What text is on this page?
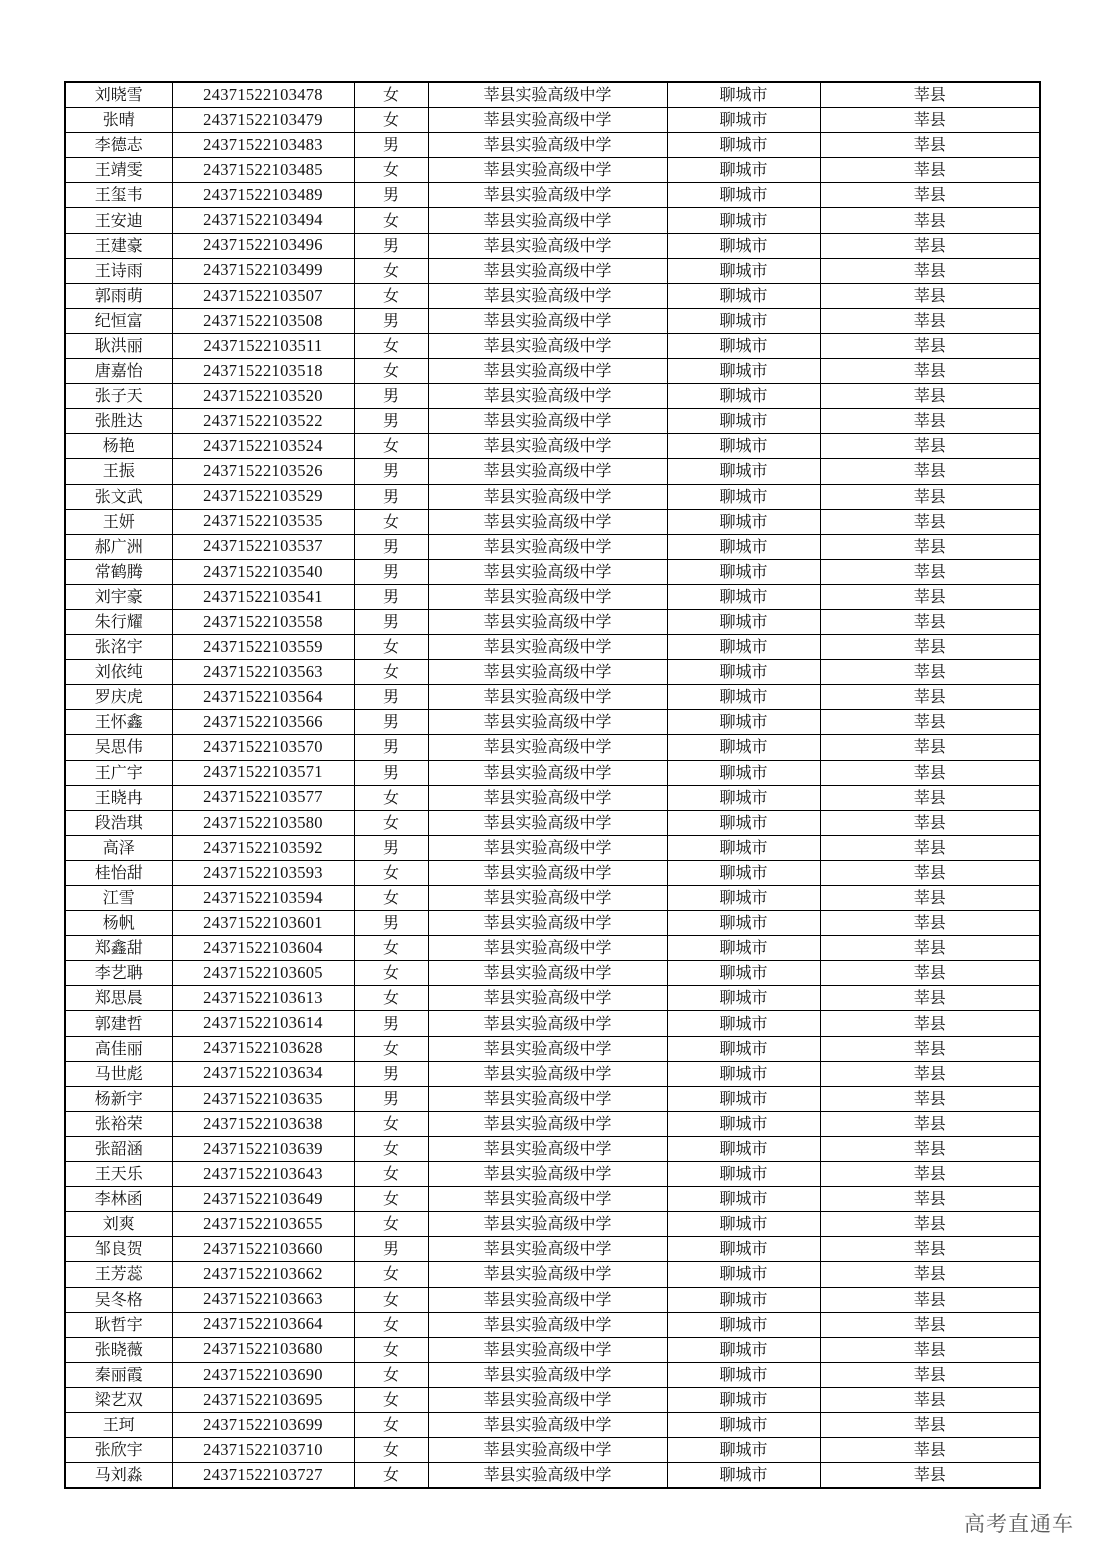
刘晓雪	24371522103478	女	莘县实验高级中学	聊城市	莘县
张晴	24371522103479	女	莘县实验高级中学	聊城市	莘县
李德志	24371522103483	男	莘县实验高级中学	聊城市	莘县
王靖雯	24371522103485	女	莘县实验高级中学	聊城市	莘县
王玺韦	24371522103489	男	莘县实验高级中学	聊城市	莘县
王安迪	24371522103494	女	莘县实验高级中学	聊城市	莘县
王建豪	24371522103496	男	莘县实验高级中学	聊城市	莘县
王诗雨	24371522103499	女	莘县实验高级中学	聊城市	莘县
郭雨萌	24371522103507	女	莘县实验高级中学	聊城市	莘县
纪恒富	24371522103508	男	莘县实验高级中学	聊城市	莘县
耿洪丽	24371522103511	女	莘县实验高级中学	聊城市	莘县
唐嘉怡	24371522103518	女	莘县实验高级中学	聊城市	莘县
张子天	24371522103520	男	莘县实验高级中学	聊城市	莘县
张胜达	24371522103522	男	莘县实验高级中学	聊城市	莘县
杨艳	24371522103524	女	莘县实验高级中学	聊城市	莘县
王振	24371522103526	男	莘县实验高级中学	聊城市	莘县
张文武	24371522103529	男	莘县实验高级中学	聊城市	莘县
王妍	24371522103535	女	莘县实验高级中学	聊城市	莘县
郝广洲	24371522103537	男	莘县实验高级中学	聊城市	莘县
常鹤腾	24371522103540	男	莘县实验高级中学	聊城市	莘县
刘宇豪	24371522103541	男	莘县实验高级中学	聊城市	莘县
朱行耀	24371522103558	男	莘县实验高级中学	聊城市	莘县
张洺宇	24371522103559	女	莘县实验高级中学	聊城市	莘县
刘依纯	24371522103563	女	莘县实验高级中学	聊城市	莘县
罗庆虎	24371522103564	男	莘县实验高级中学	聊城市	莘县
王怀鑫	24371522103566	男	莘县实验高级中学	聊城市	莘县
吴思伟	24371522103570	男	莘县实验高级中学	聊城市	莘县
王广宇	24371522103571	男	莘县实验高级中学	聊城市	莘县
王晓冉	24371522103577	女	莘县实验高级中学	聊城市	莘县
段浩琪	24371522103580	女	莘县实验高级中学	聊城市	莘县
高泽	24371522103592	男	莘县实验高级中学	聊城市	莘县
桂怡甜	24371522103593	女	莘县实验高级中学	聊城市	莘县
江雪	24371522103594	女	莘县实验高级中学	聊城市	莘县
杨帆	24371522103601	男	莘县实验高级中学	聊城市	莘县
郑鑫甜	24371522103604	女	莘县实验高级中学	聊城市	莘县
李艺聃	24371522103605	女	莘县实验高级中学	聊城市	莘县
郑思晨	24371522103613	女	莘县实验高级中学	聊城市	莘县
郭建哲	24371522103614	男	莘县实验高级中学	聊城市	莘县
高佳丽	24371522103628	女	莘县实验高级中学	聊城市	莘县
马世彪	24371522103634	男	莘县实验高级中学	聊城市	莘县
杨新宇	24371522103635	男	莘县实验高级中学	聊城市	莘县
张裕荣	24371522103638	女	莘县实验高级中学	聊城市	莘县
张韶涵	24371522103639	女	莘县实验高级中学	聊城市	莘县
王天乐	24371522103643	女	莘县实验高级中学	聊城市	莘县
李林函	24371522103649	女	莘县实验高级中学	聊城市	莘县
刘爽	24371522103655	女	莘县实验高级中学	聊城市	莘县
邹良贺	24371522103660	男	莘县实验高级中学	聊城市	莘县
王芳蕊	24371522103662	女	莘县实验高级中学	聊城市	莘县
吴冬格	24371522103663	女	莘县实验高级中学	聊城市	莘县
耿哲宇	24371522103664	女	莘县实验高级中学	聊城市	莘县
张晓薇	24371522103680	女	莘县实验高级中学	聊城市	莘县
秦丽霞	24371522103690	女	莘县实验高级中学	聊城市	莘县
梁艺双	24371522103695	女	莘县实验高级中学	聊城市	莘县
王珂	24371522103699	女	莘县实验高级中学	聊城市	莘县
张欣宇	24371522103710	女	莘县实验高级中学	聊城市	莘县
马刘淼	24371522103727	女	莘县实验高级中学	聊城市	莘县
高考直通车
